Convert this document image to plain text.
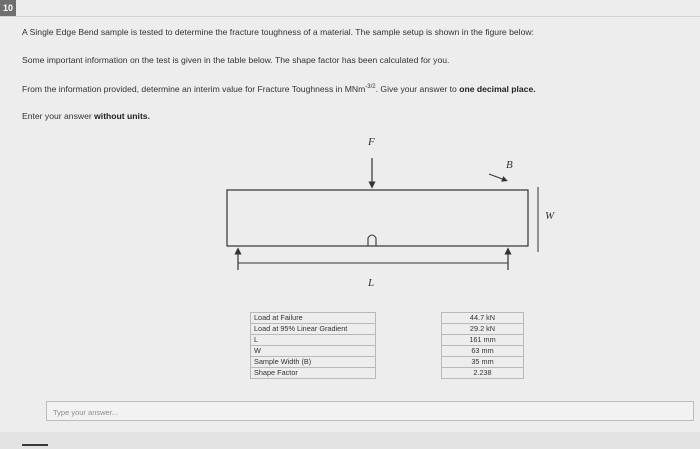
10
A Single Edge Bend sample is tested to determine the fracture toughness of a material. The sample setup is shown in the figure below:
Some important information on the test is given in the table below. The shape factor has been calculated for you.
From the information provided, determine an interim value for Fracture Toughness in MNm$^{-3/2}$. Give your answer to one decimal place.
Enter your answer without units.
F
L
W
B
Load at Failure		44.7 kN
Load at 95% Linear Gradient		29.2 kN
L		161 mm
W		63 mm
Sample Width (B)		35 mm
Shape Factor		2.238
Type your answer...
